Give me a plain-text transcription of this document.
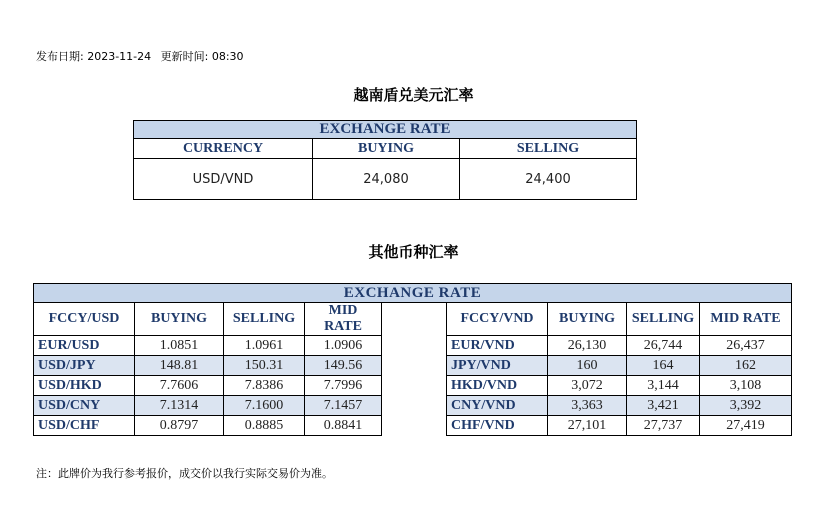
发布日期: 2023-11-24 更新时间: 08:30
越南盾兑美元汇率
EXCHANGE RATE		
CURRENCY	BUYING	SELLING
USD/VND	24,080	24,400
其他币种汇率
EXCHANGE RATE								
FCCY/USD	BUYING	SELLING	MID RATE		FCCY/VND	BUYING	SELLING	MID RATE
EUR/USD	1.0851	1.0961	1.0906		EUR/VND	26,130	26,744	26,437
USD/JPY	148.81	150.31	149.56		JPY/VND	160	164	162
USD/HKD	7.7606	7.8386	7.7996		HKD/VND	3,072	3,144	3,108
USD/CNY	7.1314	7.1600	7.1457		CNY/VND	3,363	3,421	3,392
USD/CHF	0.8797	0.8885	0.8841		CHF/VND	27,101	27,737	27,419
注：此牌价为我行参考报价，成交价以我行实际交易价为准。
